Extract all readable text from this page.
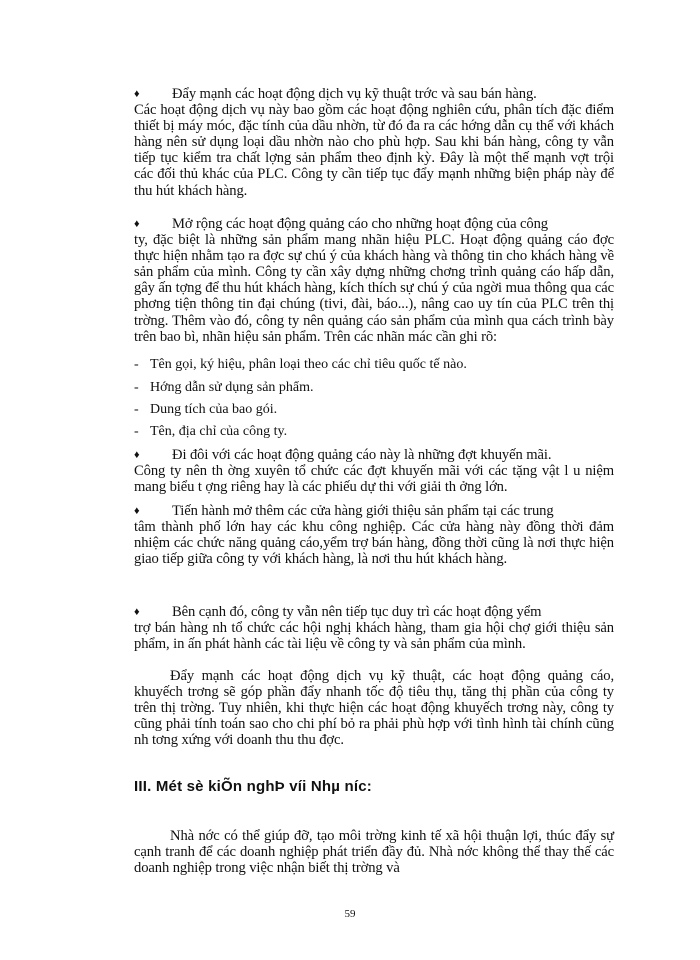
♦	Đẩy mạnh các hoạt động dịch vụ kỹ thuật trớc và sau bán hàng.
Các hoạt động dịch vụ này bao gồm các hoạt động nghiên cứu, phân tích đặc điểm thiết bị máy móc, đặc tính của dầu nhờn, từ đó đa ra các hớng dẫn cụ thể với khách hàng nên sử dụng loại dầu nhờn nào cho phù hợp. Sau khi bán hàng, công ty vẫn tiếp tục kiểm tra chất lợng sản phẩm theo định kỳ. Đây là một thế mạnh vợt trội các đối thủ khác của PLC. Công ty cần tiếp tục đẩy mạnh những biện pháp này để thu hút khách hàng.
♦	Mở rộng các hoạt động quảng cáo cho những hoạt động của công
ty, đặc biệt là những sản phẩm mang nhãn hiệu PLC. Hoạt động quảng cáo đợc thực hiện nhằm tạo ra đợc sự chú ý của khách hàng và thông tin cho khách hàng về sản phẩm của mình. Công ty cần xây dựng những chơng trình quảng cáo hấp dẫn, gây ấn tợng để thu hút khách hàng, kích thích sự chú ý của ngời mua thông qua các phơng tiện thông tin đại chúng (tivi, đài, báo...), nâng cao uy tín của PLC trên thị trờng. Thêm vào đó, công ty nên quảng cáo sản phẩm của mình qua cách trình bày trên bao bì, nhãn hiệu sản phẩm. Trên các nhãn mác cần ghi rõ:
- Tên gọi, ký hiệu, phân loại theo các chỉ tiêu quốc tế nào.
- Hớng dẫn sử dụng sản phẩm.
- Dung tích của bao gói.
- Tên, địa chỉ của công ty.
♦	Đi đôi với các hoạt động quảng cáo này là những đợt khuyến mãi.
Công ty nên th ờng xuyên tổ chức các đợt khuyến mãi với các tặng vật l u niệm mang biểu t ợng riêng hay là các phiếu dự thi với giải th ởng lớn.
♦	Tiến hành mở thêm các cửa hàng giới thiệu sản phẩm tại các trung
tâm thành phố lớn hay các khu công nghiệp. Các cửa hàng này đồng thời đảm nhiệm các chức năng quảng cáo,yểm trợ bán hàng, đồng thời cũng là nơi thực hiện giao tiếp giữa công ty với khách hàng, là nơi thu hút khách hàng.
♦	Bên cạnh đó, công ty vẫn nên tiếp tục duy trì các hoạt động yểm
trợ bán hàng nh tổ chức các hội nghị khách hàng, tham gia hội chợ giới thiệu sản phẩm, in ấn phát hành các tài liệu về công ty và sản phẩm của mình.
Đẩy mạnh các hoạt động dịch vụ kỹ thuật, các hoạt động quảng cáo, khuyếch trơng sẽ góp phần đẩy nhanh tốc độ tiêu thụ, tăng thị phần của công ty trên thị trờng. Tuy nhiên, khi thực hiện các hoạt động khuyếch trơng này, công ty cũng phải tính toán sao cho chi phí bỏ ra phải phù hợp với tình hình tài chính cũng nh tơng xứng với doanh thu thu đợc.
III. Mét sè kiÕn nghÞ víi Nhµ níc:
Nhà nớc có thể giúp đỡ, tạo môi trờng kinh tế xã hội thuận lợi, thúc đẩy sự cạnh tranh để các doanh nghiệp phát triển đầy đủ. Nhà nớc không thể thay thế các doanh nghiệp trong việc nhận biết thị trờng và
59
